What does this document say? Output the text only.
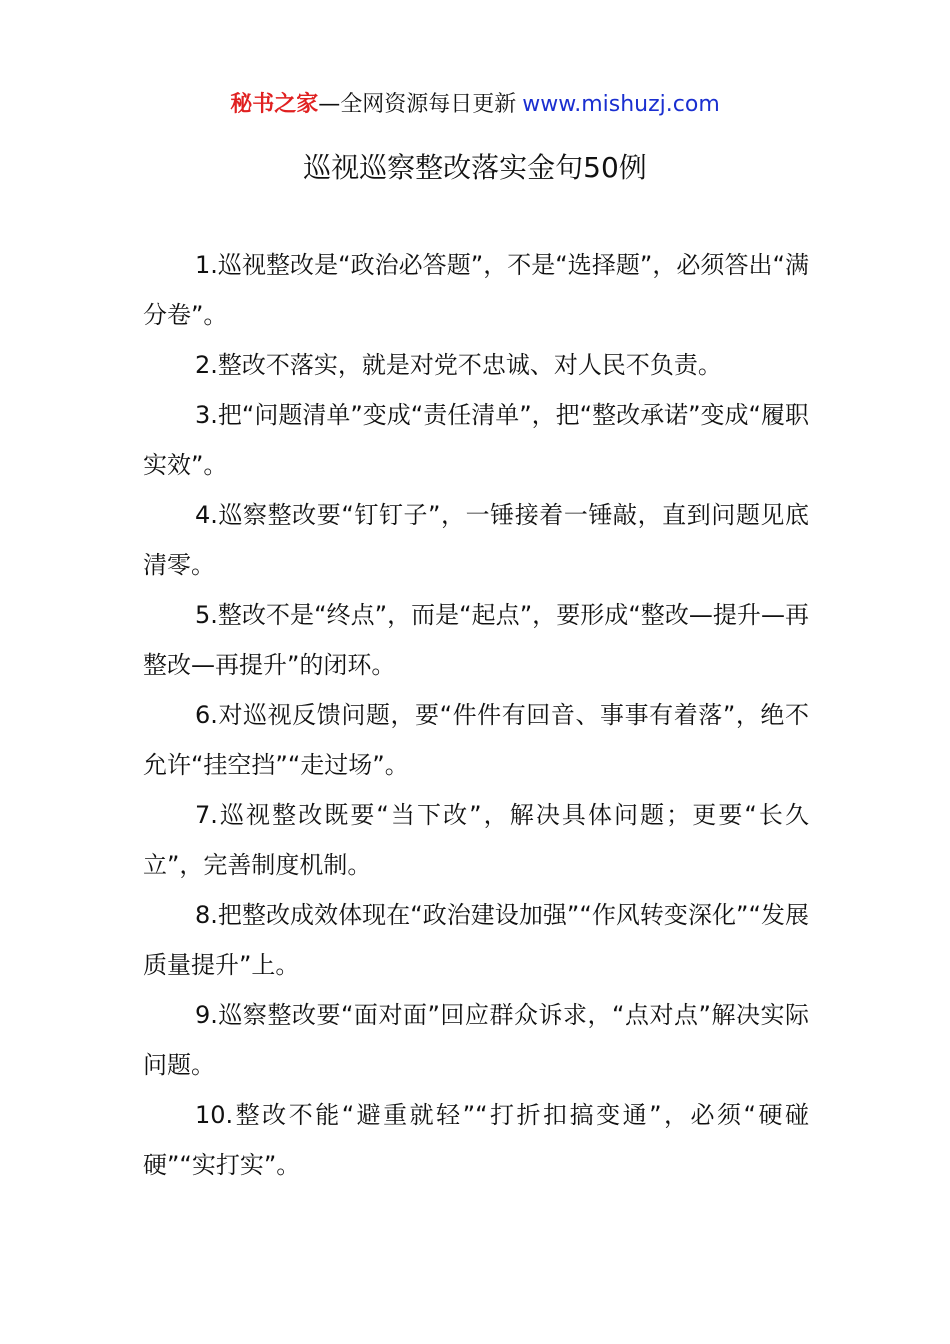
秘书之家—全网资源每日更新 www.mishuzj.com
巡视巡察整改落实金句50例

1.巡视整改是“政治必答题”，不是“选择题”，必须答出“满分卷”。

2.整改不落实，就是对党不忠诚、对人民不负责。

3.把“问题清单”变成“责任清单”，把“整改承诺”变成“履职实效”。

4.巡察整改要“钉钉子”，一锤接着一锤敲，直到问题见底清零。

5.整改不是“终点”，而是“起点”，要形成“整改—提升—再整改—再提升”的闭环。

6.对巡视反馈问题，要“件件有回音、事事有着落”，绝不允许“挂空挡”“走过场”。

7.巡视整改既要“当下改”，解决具体问题；更要“长久立”，完善制度机制。

8.把整改成效体现在“政治建设加强”“作风转变深化”“发展质量提升”上。

9.巡察整改要“面对面”回应群众诉求，“点对点”解决实际问题。

10.整改不能“避重就轻”“打折扣搞变通”，必须“硬碰硬”“实打实”。
